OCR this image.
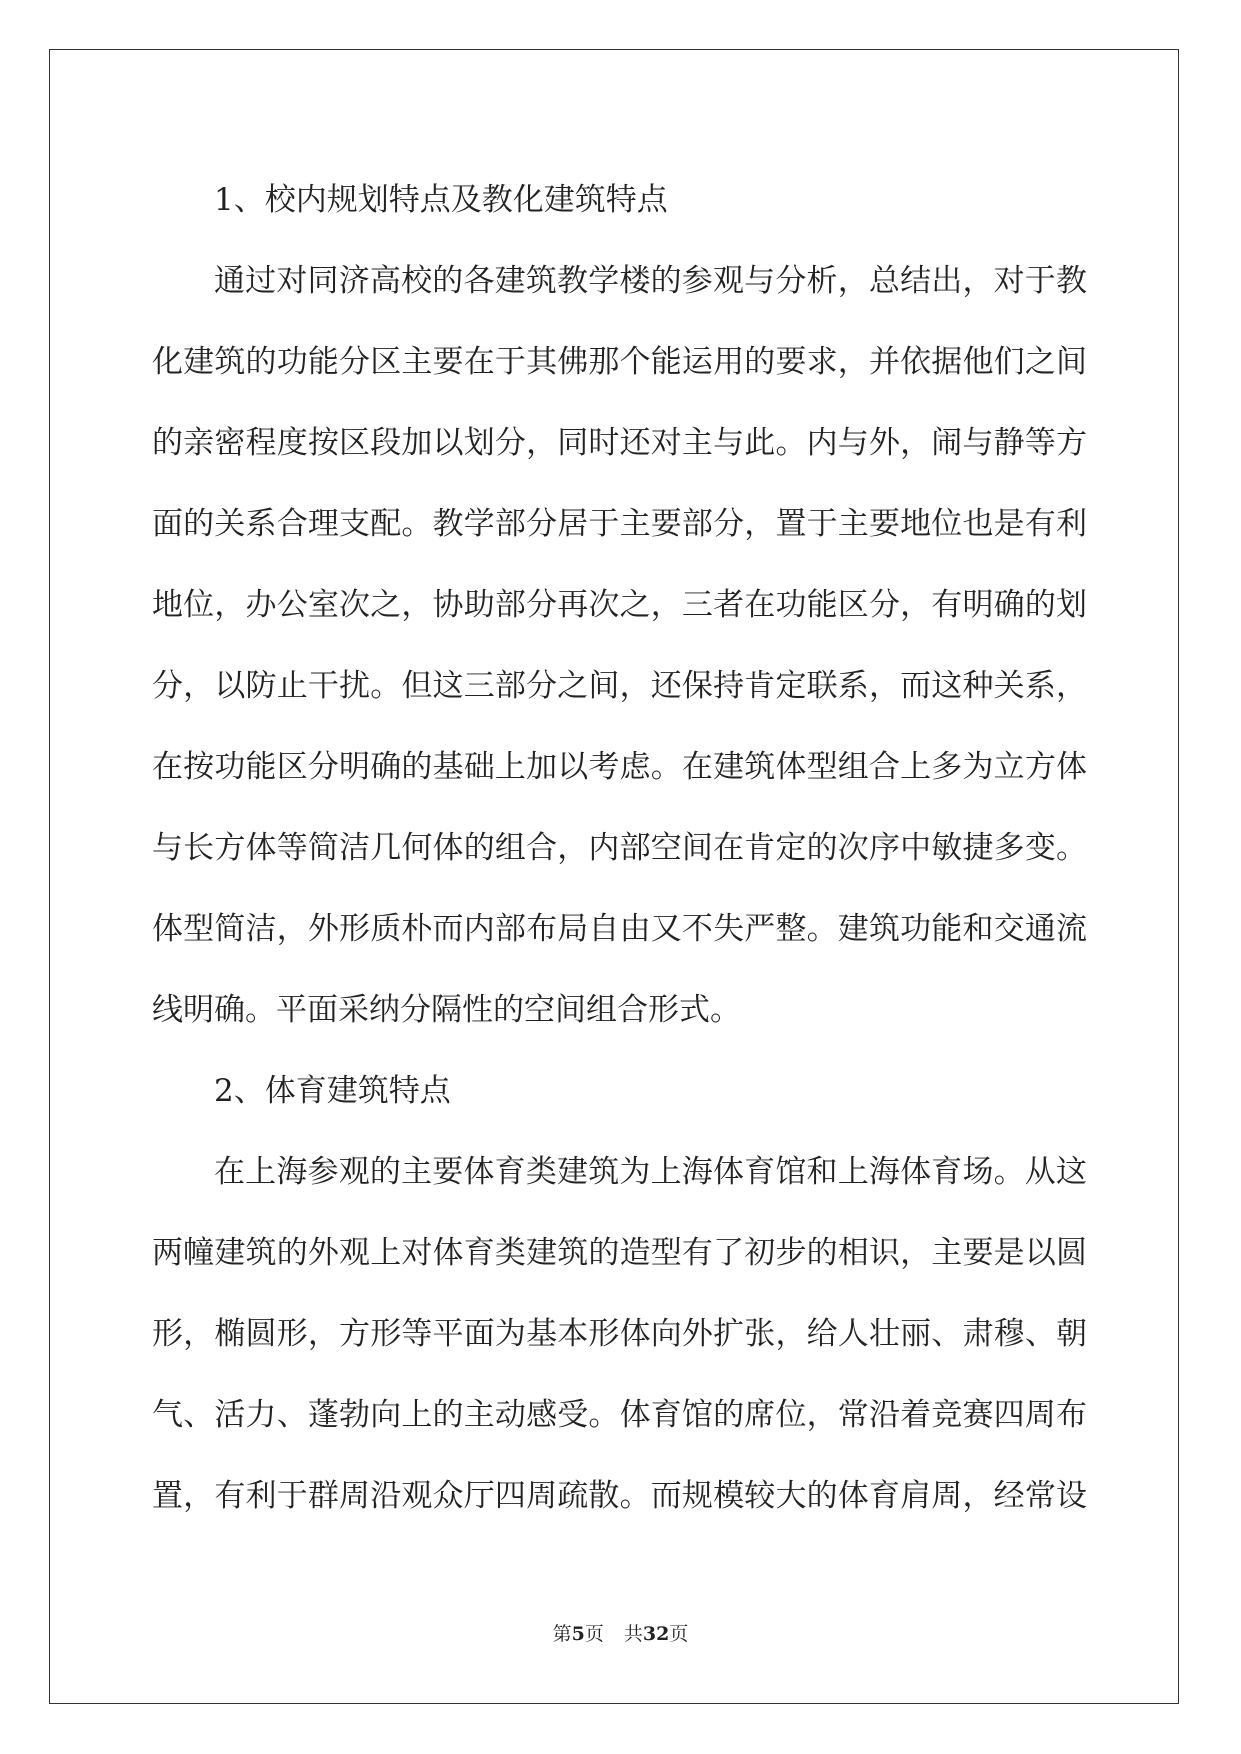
1、校内规划特点及教化建筑特点
通过对同济高校的各建筑教学楼的参观与分析，总结出，对于教
化建筑的功能分区主要在于其佛那个能运用的要求，并依据他们之间
的亲密程度按区段加以划分，同时还对主与此。内与外，闹与静等方
面的关系合理支配。教学部分居于主要部分，置于主要地位也是有利
地位，办公室次之，协助部分再次之，三者在功能区分，有明确的划
分，以防止干扰。但这三部分之间，还保持肯定联系，而这种关系，
在按功能区分明确的基础上加以考虑。在建筑体型组合上多为立方体
与长方体等简洁几何体的组合，内部空间在肯定的次序中敏捷多变。
体型简洁，外形质朴而内部布局自由又不失严整。建筑功能和交通流
线明确。平面采纳分隔性的空间组合形式。
2、体育建筑特点
在上海参观的主要体育类建筑为上海体育馆和上海体育场。从这
两幢建筑的外观上对体育类建筑的造型有了初步的相识，主要是以圆
形，椭圆形，方形等平面为基本形体向外扩张，给人壮丽、肃穆、朝
气、活力、蓬勃向上的主动感受。体育馆的席位，常沿着竞赛四周布
置，有利于群周沿观众厅四周疏散。而规模较大的体育肩周，经常设
第5页 共32页
